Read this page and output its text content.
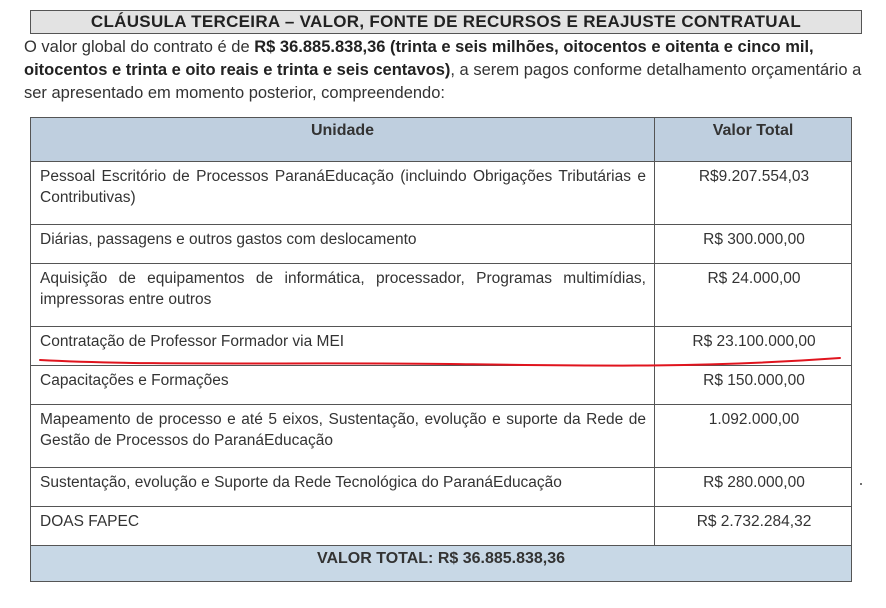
CLÁUSULA TERCEIRA – VALOR, FONTE DE RECURSOS E REAJUSTE CONTRATUAL
O valor global do contrato é de R$ 36.885.838,36 (trinta e seis milhões, oitocentos e oitenta e cinco mil, oitocentos e trinta e oito reais e trinta e seis centavos), a serem pagos conforme detalhamento orçamentário a ser apresentado em momento posterior, compreendendo:
Unidade	Valor Total
Pessoal Escritório de Processos ParanáEducação (incluindo Obrigações Tributárias e Contributivas)	R$9.207.554,03
Diárias, passagens e outros gastos com deslocamento	R$ 300.000,00
Aquisição de equipamentos de informática, processador, Programas multimídias, impressoras entre outros	R$ 24.000,00
Contratação de Professor Formador via MEI	R$ 23.100.000,00
Capacitações e Formações	R$ 150.000,00
Mapeamento de processo e até 5 eixos, Sustentação, evolução e suporte da Rede de Gestão de Processos do ParanáEducação	1.092.000,00
Sustentação, evolução e Suporte da Rede Tecnológica do ParanáEducação	R$ 280.000,00
DOAS FAPEC	R$ 2.732.284,32
VALOR TOTAL: R$ 36.885.838,36	
